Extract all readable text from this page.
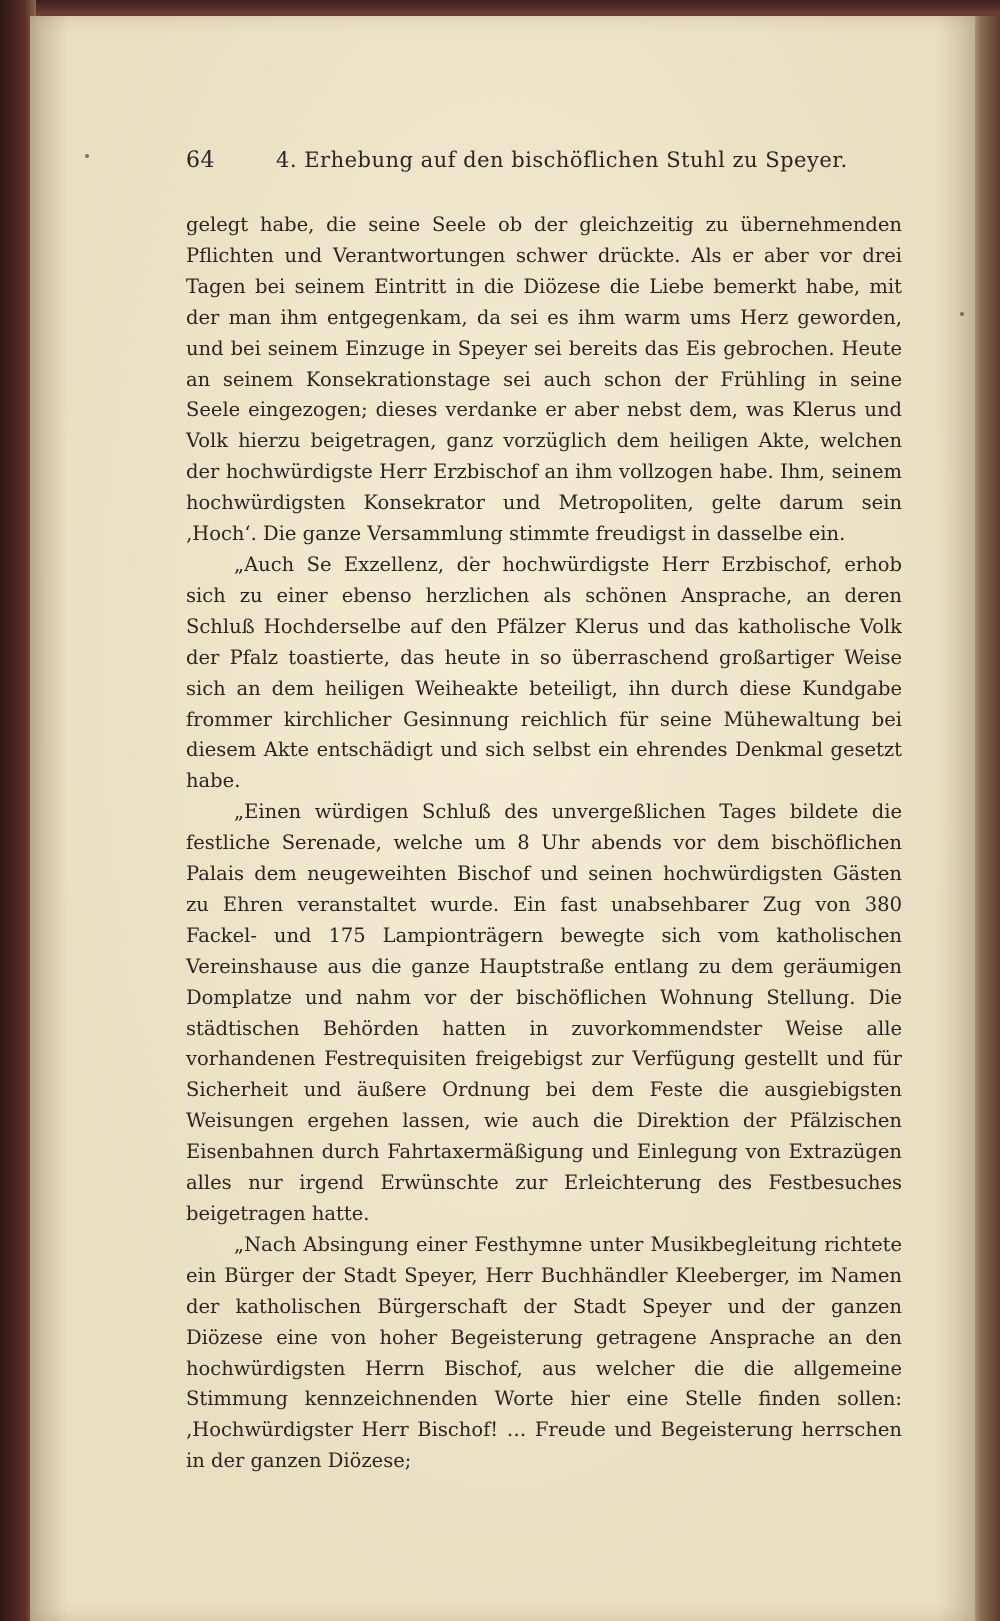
64	4. Erhebung auf den bischöflichen Stuhl zu Speyer.

gelegt habe, die seine Seele ob der gleichzeitig zu übernehmenden Pflichten und Verantwortungen schwer drückte. Als er aber vor drei Tagen bei seinem Eintritt in die Diözese die Liebe bemerkt habe, mit der man ihm entgegenkam, da sei es ihm warm ums Herz geworden, und bei seinem Einzuge in Speyer sei bereits das Eis gebrochen. Heute an seinem Konsekrationstage sei auch schon der Frühling in seine Seele eingezogen; dieses verdanke er aber nebst dem, was Klerus und Volk hierzu beigetragen, ganz vorzüglich dem heiligen Akte, welchen der hochwürdigste Herr Erzbischof an ihm vollzogen habe. Ihm, seinem hochwürdigsten Konsekrator und Metropoliten, gelte darum sein ‚Hoch‘. Die ganze Versammlung stimmte freudigst in dasselbe ein.

„Auch Se Exzellenz, der hochwürdigste Herr Erzbischof, erhob sich zu einer ebenso herzlichen als schönen Ansprache, an deren Schluß Hochderselbe auf den Pfälzer Klerus und das katholische Volk der Pfalz toastierte, das heute in so überraschend großartiger Weise sich an dem heiligen Weiheakte beteiligt, ihn durch diese Kundgabe frommer kirchlicher Gesinnung reichlich für seine Mühewaltung bei diesem Akte entschädigt und sich selbst ein ehrendes Denkmal gesetzt habe.

„Einen würdigen Schluß des unvergeßlichen Tages bildete die festliche Serenade, welche um 8 Uhr abends vor dem bischöflichen Palais dem neugeweihten Bischof und seinen hochwürdigsten Gästen zu Ehren veranstaltet wurde. Ein fast unabsehbarer Zug von 380 Fackel- und 175 Lampionträgern bewegte sich vom katholischen Vereinshause aus die ganze Hauptstraße entlang zu dem geräumigen Domplatze und nahm vor der bischöflichen Wohnung Stellung. Die städtischen Behörden hatten in zuvorkommendster Weise alle vorhandenen Festrequisiten freigebigst zur Verfügung gestellt und für Sicherheit und äußere Ordnung bei dem Feste die ausgiebigsten Weisungen ergehen lassen, wie auch die Direktion der Pfälzischen Eisenbahnen durch Fahrtaxermäßigung und Einlegung von Extrazügen alles nur irgend Erwünschte zur Erleichterung des Festbesuches beigetragen hatte.

„Nach Absingung einer Festhymne unter Musikbegleitung richtete ein Bürger der Stadt Speyer, Herr Buchhändler Kleeberger, im Namen der katholischen Bürgerschaft der Stadt Speyer und der ganzen Diözese eine von hoher Begeisterung getragene Ansprache an den hochwürdigsten Herrn Bischof, aus welcher die die allgemeine Stimmung kennzeichnenden Worte hier eine Stelle finden sollen: ‚Hochwürdigster Herr Bischof! … Freude und Begeisterung herrschen in der ganzen Diözese;
